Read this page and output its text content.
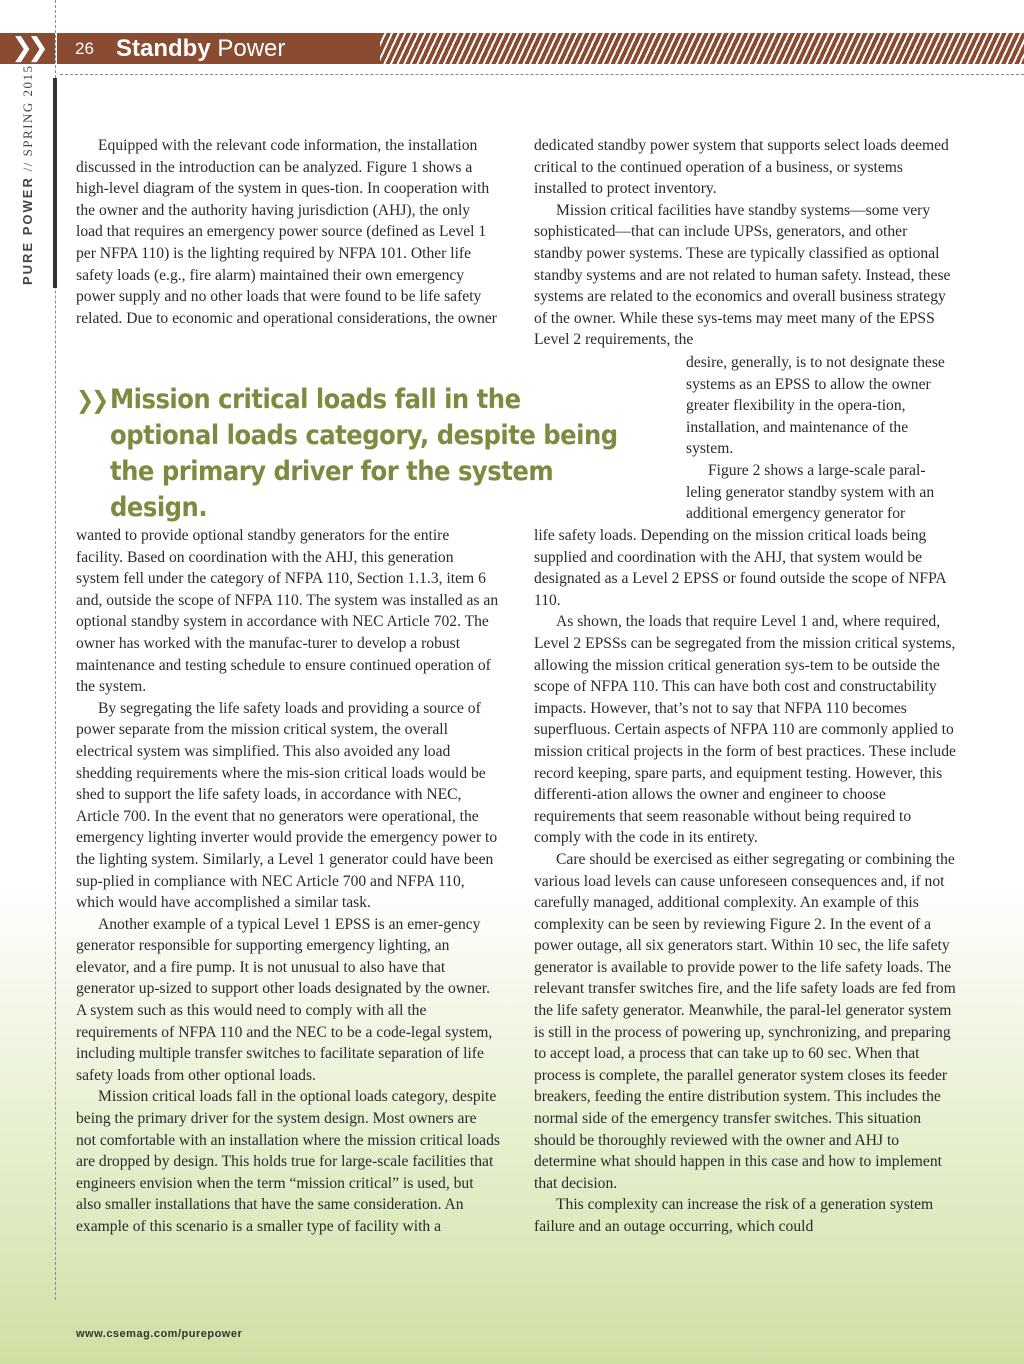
❯❯	26 Standby Power
PURE POWER // SPRING 2015	Equipped with the relevant code information, the installation discussed in the introduction can be analyzed. Figure 1 shows a high-level diagram of the system in ques-tion. In cooperation with the owner and the authority having jurisdiction (AHJ), the only load that requires an emergency power source (defined as Level 1 per NFPA 110) is the lighting required by NFPA 101. Other life safety loads (e.g., fire alarm) maintained their own emergency power supply and no other loads that were found to be life safety related. Due to economic and operational considerations, the owner

❯❯ Mission critical loads fall in the optional loads category, despite being the primary driver for the system design.

wanted to provide optional standby generators for the entire facility. Based on coordination with the AHJ, this generation system fell under the category of NFPA 110, Section 1.1.3, item 6 and, outside the scope of NFPA 110. The system was installed as an optional standby system in accordance with NEC Article 702. The owner has worked with the manufac-turer to develop a robust maintenance and testing schedule to ensure continued operation of the system.

By segregating the life safety loads and providing a source of power separate from the mission critical system, the overall electrical system was simplified. This also avoided any load shedding requirements where the mis-sion critical loads would be shed to support the life safety loads, in accordance with NEC, Article 700. In the event that no generators were operational, the emergency lighting inverter would provide the emergency power to the lighting system. Similarly, a Level 1 generator could have been sup-plied in compliance with NEC Article 700 and NFPA 110, which would have accomplished a similar task.

Another example of a typical Level 1 EPSS is an emer-gency generator responsible for supporting emergency lighting, an elevator, and a fire pump. It is not unusual to also have that generator up-sized to support other loads designated by the owner. A system such as this would need to comply with all the requirements of NFPA 110 and the NEC to be a code-legal system, including multiple transfer switches to facilitate separation of life safety loads from other optional loads.

Mission critical loads fall in the optional loads category, despite being the primary driver for the system design. Most owners are not comfortable with an installation where the mission critical loads are dropped by design. This holds true for large-scale facilities that engineers envision when the term “mission critical” is used, but also smaller installations that have the same consideration. An example of this scenario is a smaller type of facility with a

dedicated standby power system that supports select loads deemed critical to the continued operation of a business, or systems installed to protect inventory.

Mission critical facilities have standby systems—some very sophisticated—that can include UPSs, generators, and other standby power systems. These are typically classified as optional standby systems and are not related to human safety. Instead, these systems are related to the economics and overall business strategy of the owner. While these sys-tems may meet many of the EPSS Level 2 requirements, the

desire, generally, is to not designate these systems as an EPSS to allow the owner greater flexibility in the opera-tion, installation, and maintenance of the system.

Figure 2 shows a large-scale paral-leling generator standby system with an additional emergency generator for

life safety loads. Depending on the mission critical loads being supplied and coordination with the AHJ, that system would be designated as a Level 2 EPSS or found outside the scope of NFPA 110.

As shown, the loads that require Level 1 and, where required, Level 2 EPSSs can be segregated from the mission critical systems, allowing the mission critical generation sys-tem to be outside the scope of NFPA 110. This can have both cost and constructability impacts. However, that’s not to say that NFPA 110 becomes superfluous. Certain aspects of NFPA 110 are commonly applied to mission critical projects in the form of best practices. These include record keeping, spare parts, and equipment testing. However, this differenti-ation allows the owner and engineer to choose requirements that seem reasonable without being required to comply with the code in its entirety.

Care should be exercised as either segregating or combining the various load levels can cause unforeseen consequences and, if not carefully managed, additional complexity. An example of this complexity can be seen by reviewing Figure 2. In the event of a power outage, all six generators start. Within 10 sec, the life safety generator is available to provide power to the life safety loads. The relevant transfer switches fire, and the life safety loads are fed from the life safety generator. Meanwhile, the paral-lel generator system is still in the process of powering up, synchronizing, and preparing to accept load, a process that can take up to 60 sec. When that process is complete, the parallel generator system closes its feeder breakers, feeding the entire distribution system. This includes the normal side of the emergency transfer switches. This situation should be thoroughly reviewed with the owner and AHJ to determine what should happen in this case and how to implement that decision.

This complexity can increase the risk of a generation system failure and an outage occurring, which could

www.csemag.com/purepower
